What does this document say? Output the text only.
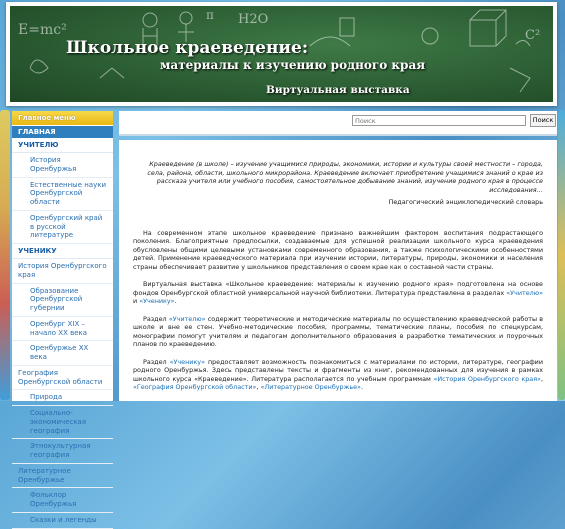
E=mc²
H2O
C²
π
Школьное краеведение:
материалы к изучению родного края
Виртуальная выставка
Главное меню
ГЛАВНАЯ
УЧИТЕЛЮ
История Оренбуржья
Естественные науки Оренбургской области
Оренбургский край в русской литературе
УЧЕНИКУ
История Оренбургского края
Образование Оренбургской губернии
Оренбург XIX –начало XX века
Оренбуржье XX века
География Оренбургской области
Природа
Социально-экономическая география
Этнокультурная география
Литературное Оренбуржье
Фольклор Оренбуржья
Сказки и легенды
Поиск
Поиск
Краеведение (в школе) – изучение учащимися природы, экономики, истории и культуры своей местности – города, села, района, области, школьного микрорайона. Краеведение включает приобретение учащимися знаний о крае из рассказа учителя или учебного пособия, самостоятельное добывание знаний, изучение родного края в процессе исследования…
Педагогический энциклопедический словарь

На современном этапе школьное краеведение признано важнейшим фактором воспитания подрастающего поколения. Благоприятные предпосылки, создаваемые для успешной реализации школьного курса краеведения обусловлены общими целевыми установками современного образования, а также психологическими особенностями детей. Применение краеведческого материала при изучении истории, литературы, природы, экономики и населения страны обеспечивает развитие у школьников представления о своем крае как о составной части страны.

Виртуальная выставка «Школьное краеведение: материалы к изучению родного края» подготовлена на основе фондов Оренбургской областной универсальной научной библиотеки. Литература представлена в разделах «Учителю» и «Ученику».

Раздел «Учителю» содержит теоретические и методические материалы по осуществлению краеведческой работы в школе и вне ее стен. Учебно-методические пособия, программы, тематические планы, пособия по спецкурсам, монографии помогут учителям и педагогам дополнительного образования в разработке тематических и поурочных планов по краеведению.

Раздел «Ученику» предоставляет возможность познакомиться с материалами по истории, литературе, географии родного Оренбуржья. Здесь представлены тексты и фрагменты из книг, рекомендованных для изучения в рамках школьного курса «Краеведение». Литература располагается по учебным программам «История Оренбургского края», «География Оренбургской области», «Литературное Оренбуржье».
